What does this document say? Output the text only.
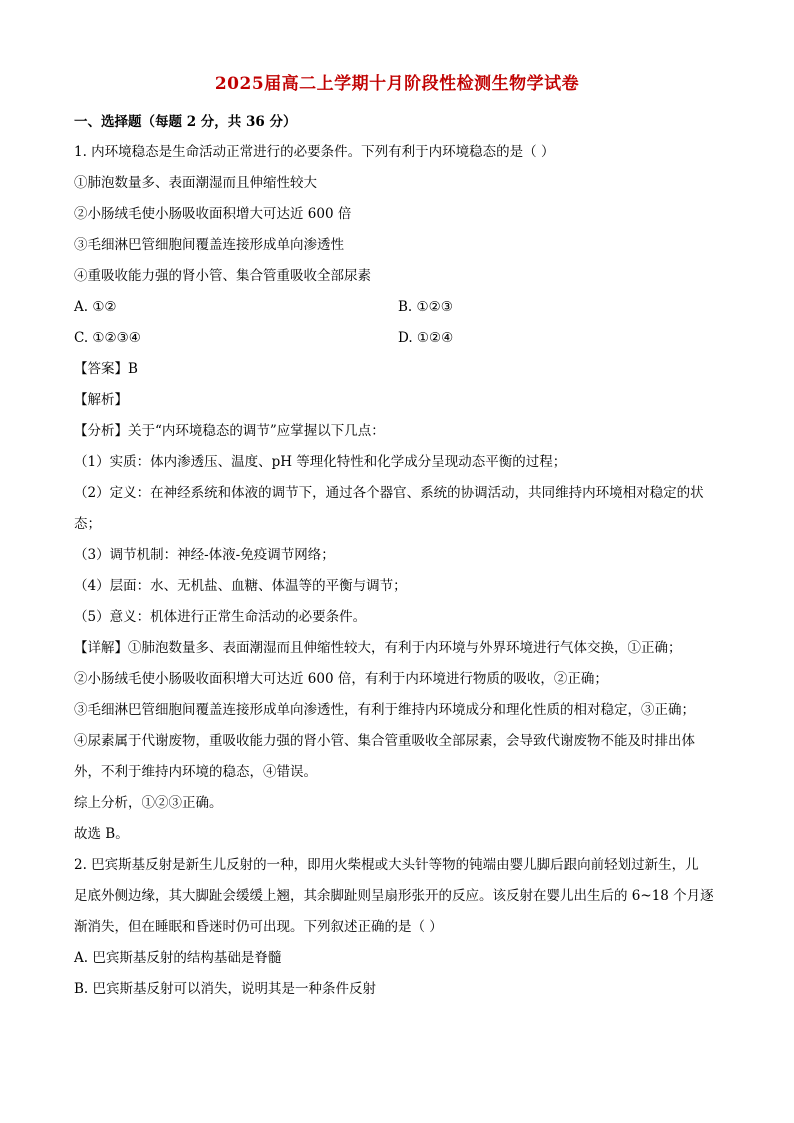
2025届高二上学期十月阶段性检测生物学试卷
一、选择题（每题 2 分，共 36 分）
1. 内环境稳态是生命活动正常进行的必要条件。下列有利于内环境稳态的是（ ）
①肺泡数量多、表面潮湿而且伸缩性较大
②小肠绒毛使小肠吸收面积增大可达近 600 倍
③毛细淋巴管细胞间覆盖连接形成单向渗透性
④重吸收能力强的肾小管、集合管重吸收全部尿素
A. ①②	B. ①②③
C. ①②③④	D. ①②④
【答案】B
【解析】
【分析】关于“内环境稳态的调节”应掌握以下几点：
（1）实质：体内渗透压、温度、pH 等理化特性和化学成分呈现动态平衡的过程；
（2）定义：在神经系统和体液的调节下，通过各个器官、系统的协调活动，共同维持内环境相对稳定的状
态；
（3）调节机制：神经-体液-免疫调节网络；
（4）层面：水、无机盐、血糖、体温等的平衡与调节；
（5）意义：机体进行正常生命活动的必要条件。
【详解】①肺泡数量多、表面潮湿而且伸缩性较大，有利于内环境与外界环境进行气体交换，①正确；
②小肠绒毛使小肠吸收面积增大可达近 600 倍，有利于内环境进行物质的吸收，②正确；
③毛细淋巴管细胞间覆盖连接形成单向渗透性，有利于维持内环境成分和理化性质的相对稳定，③正确；
④尿素属于代谢废物，重吸收能力强的肾小管、集合管重吸收全部尿素，会导致代谢废物不能及时排出体
外，不利于维持内环境的稳态，④错误。
综上分析，①②③正确。
故选 B。
2. 巴宾斯基反射是新生儿反射的一种，即用火柴棍或大头针等物的钝端由婴儿脚后跟向前轻划过新生，儿
足底外侧边缘，其大脚趾会缓缓上翘，其余脚趾则呈扇形张开的反应。该反射在婴儿出生后的 6~18 个月逐
渐消失，但在睡眠和昏迷时仍可出现。下列叙述正确的是（ ）
A. 巴宾斯基反射的结构基础是脊髓
B. 巴宾斯基反射可以消失，说明其是一种条件反射
